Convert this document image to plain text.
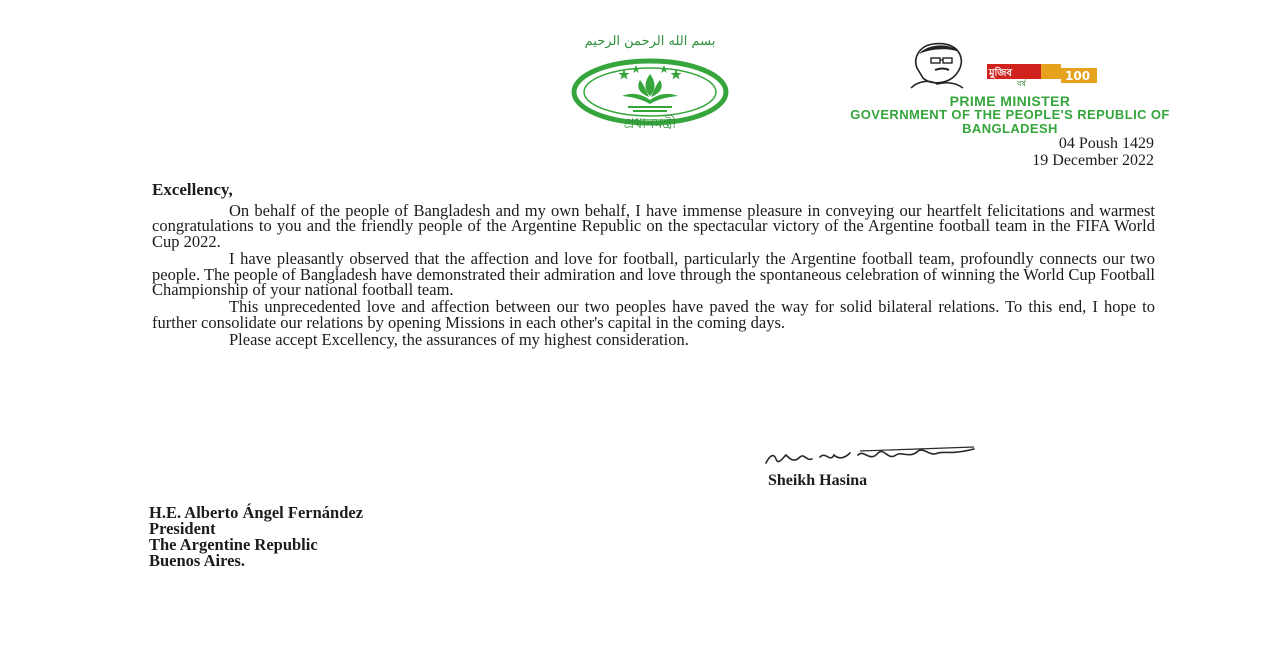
بسم الله الرحمن الرحيم
প্রধানমন্ত্রী
মুজিব
বর্ষ
100
PRIME MINISTER
GOVERNMENT OF THE PEOPLE'S REPUBLIC OF
BANGLADESH
04 Poush 1429
19 December 2022
Excellency,

On behalf of the people of Bangladesh and my own behalf, I have immense pleasure in conveying our heartfelt felicitations and warmest congratulations to you and the friendly people of the Argentine Republic on the spectacular victory of the Argentine football team in the FIFA World Cup 2022.

I have pleasantly observed that the affection and love for football, particularly the Argentine football team, profoundly connects our two people. The people of Bangladesh have demonstrated their admiration and love through the spontaneous celebration of winning the World Cup Football Championship of your national football team.

This unprecedented love and affection between our two peoples have paved the way for solid bilateral relations. To this end, I hope to further consolidate our relations by opening Missions in each other's capital in the coming days.

Please accept Excellency, the assurances of my highest consideration.

Sheikh Hasina
H.E. Alberto Ángel Fernández
President
The Argentine Republic
Buenos Aires.
